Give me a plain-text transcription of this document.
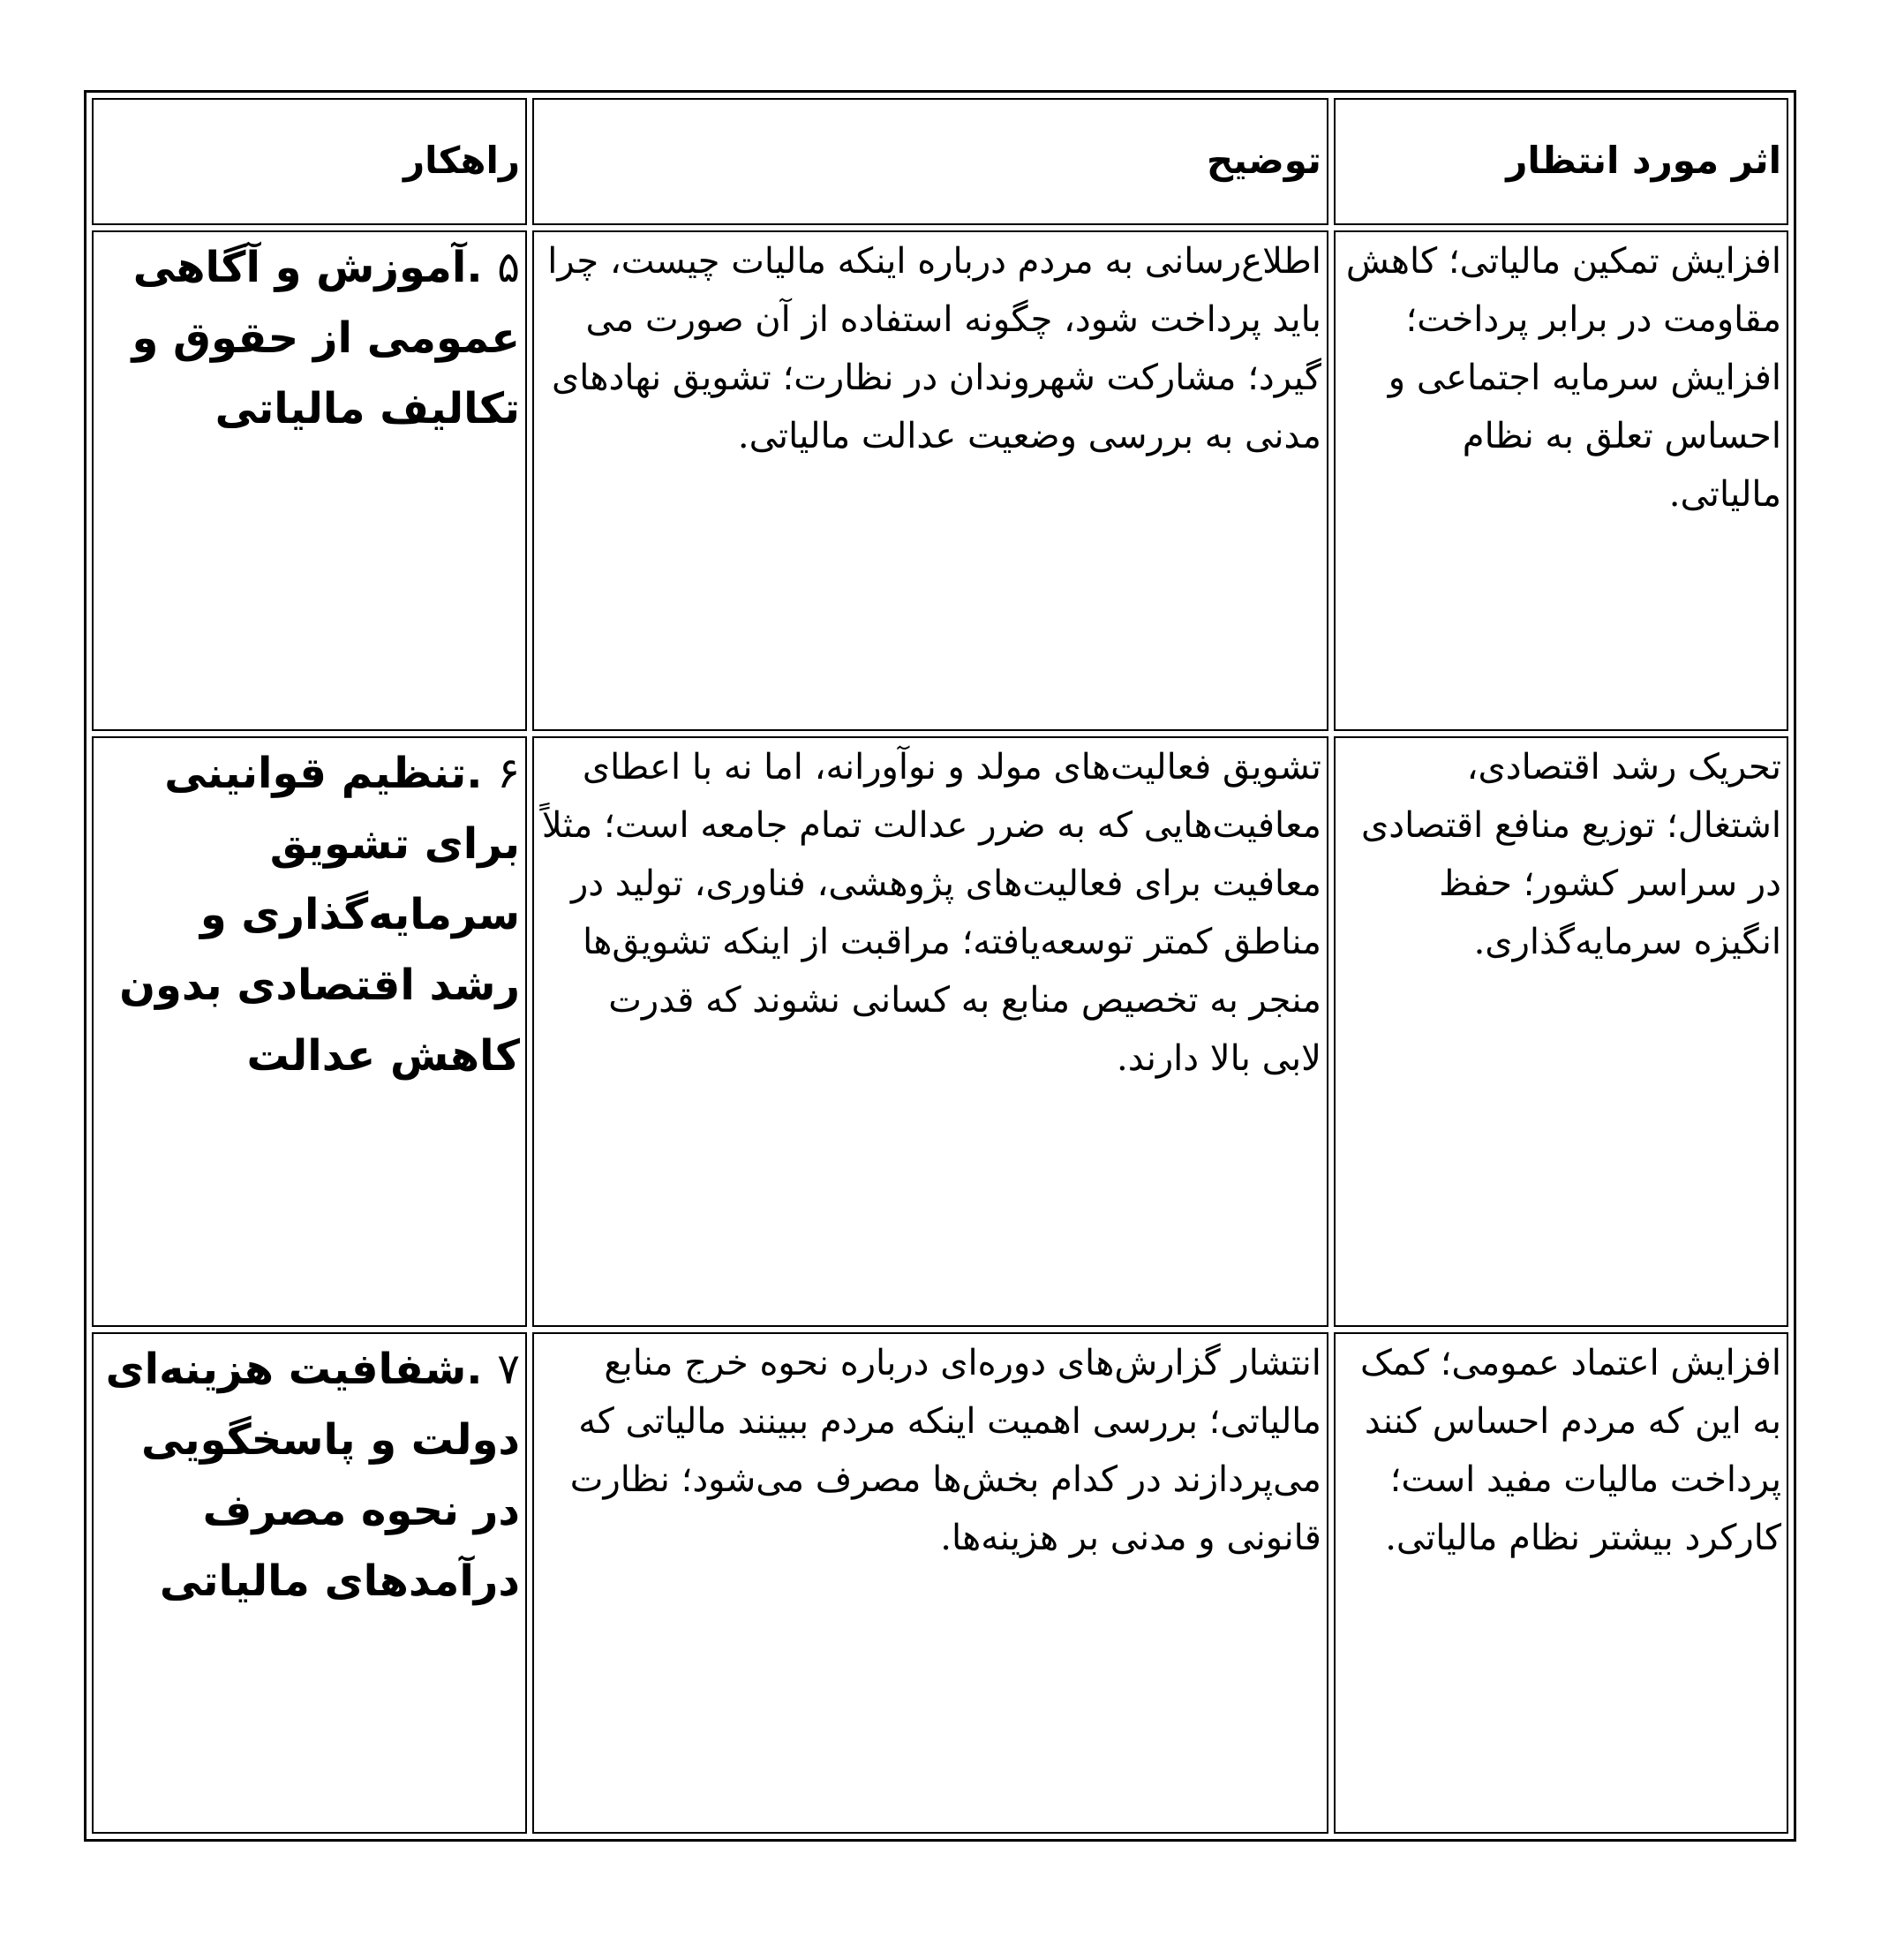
اثر مورد انتظار	توضیح	راهکار
افزایش تمکین مالیاتی؛ کاهش مقاومت در برابر پرداخت؛ افزایش سرمایه اجتماعی و احساس تعلق به نظام مالیاتی.	اطلاع‌رسانی به مردم درباره اینکه مالیات چیست، چرا باید پرداخت شود، چگونه استفاده از آن صورت می گیرد؛ مشارکت شهروندان در نظارت؛ تشویق نهادهای مدنی به بررسی وضعیت عدالت مالیاتی.	۵ .آموزش و آگاهی عمومی از حقوق و تکالیف مالیاتی

تحریک رشد اقتصادی، اشتغال؛ توزیع منافع اقتصادی در سراسر کشور؛ حفظ انگیزه سرمایه‌گذاری.	تشویق فعالیت‌های مولد و نوآورانه، اما نه با اعطای معافیت‌هایی که به ضرر عدالت تمام جامعه است؛ مثلاً معافیت برای فعالیت‌های پژوهشی، فناوری، تولید در مناطق کمتر توسعه‌یافته؛ مراقبت از اینکه تشویق‌ها منجر به تخصیص منابع به کسانی نشوند که قدرت لابی بالا دارند.	۶ .تنظیم قوانینی برای تشویق سرمایه‌گذاری و رشد اقتصادی بدون کاهش عدالت

افزایش اعتماد عمومی؛ کمک به این که مردم احساس کنند پرداخت مالیات مفید است؛ کارکرد بیشتر نظام مالیاتی.	انتشار گزارش‌های دوره‌ای درباره نحوه خرج منابع مالیاتی؛ بررسی اهمیت اینکه مردم ببینند مالیاتی که می‌پردازند در کدام بخش‌ها مصرف می‌شود؛ نظارت قانونی و مدنی بر هزینه‌ها.	۷ .شفافیت هزینه‌ای دولت و پاسخگویی در نحوه مصرف درآمدهای مالیاتی
